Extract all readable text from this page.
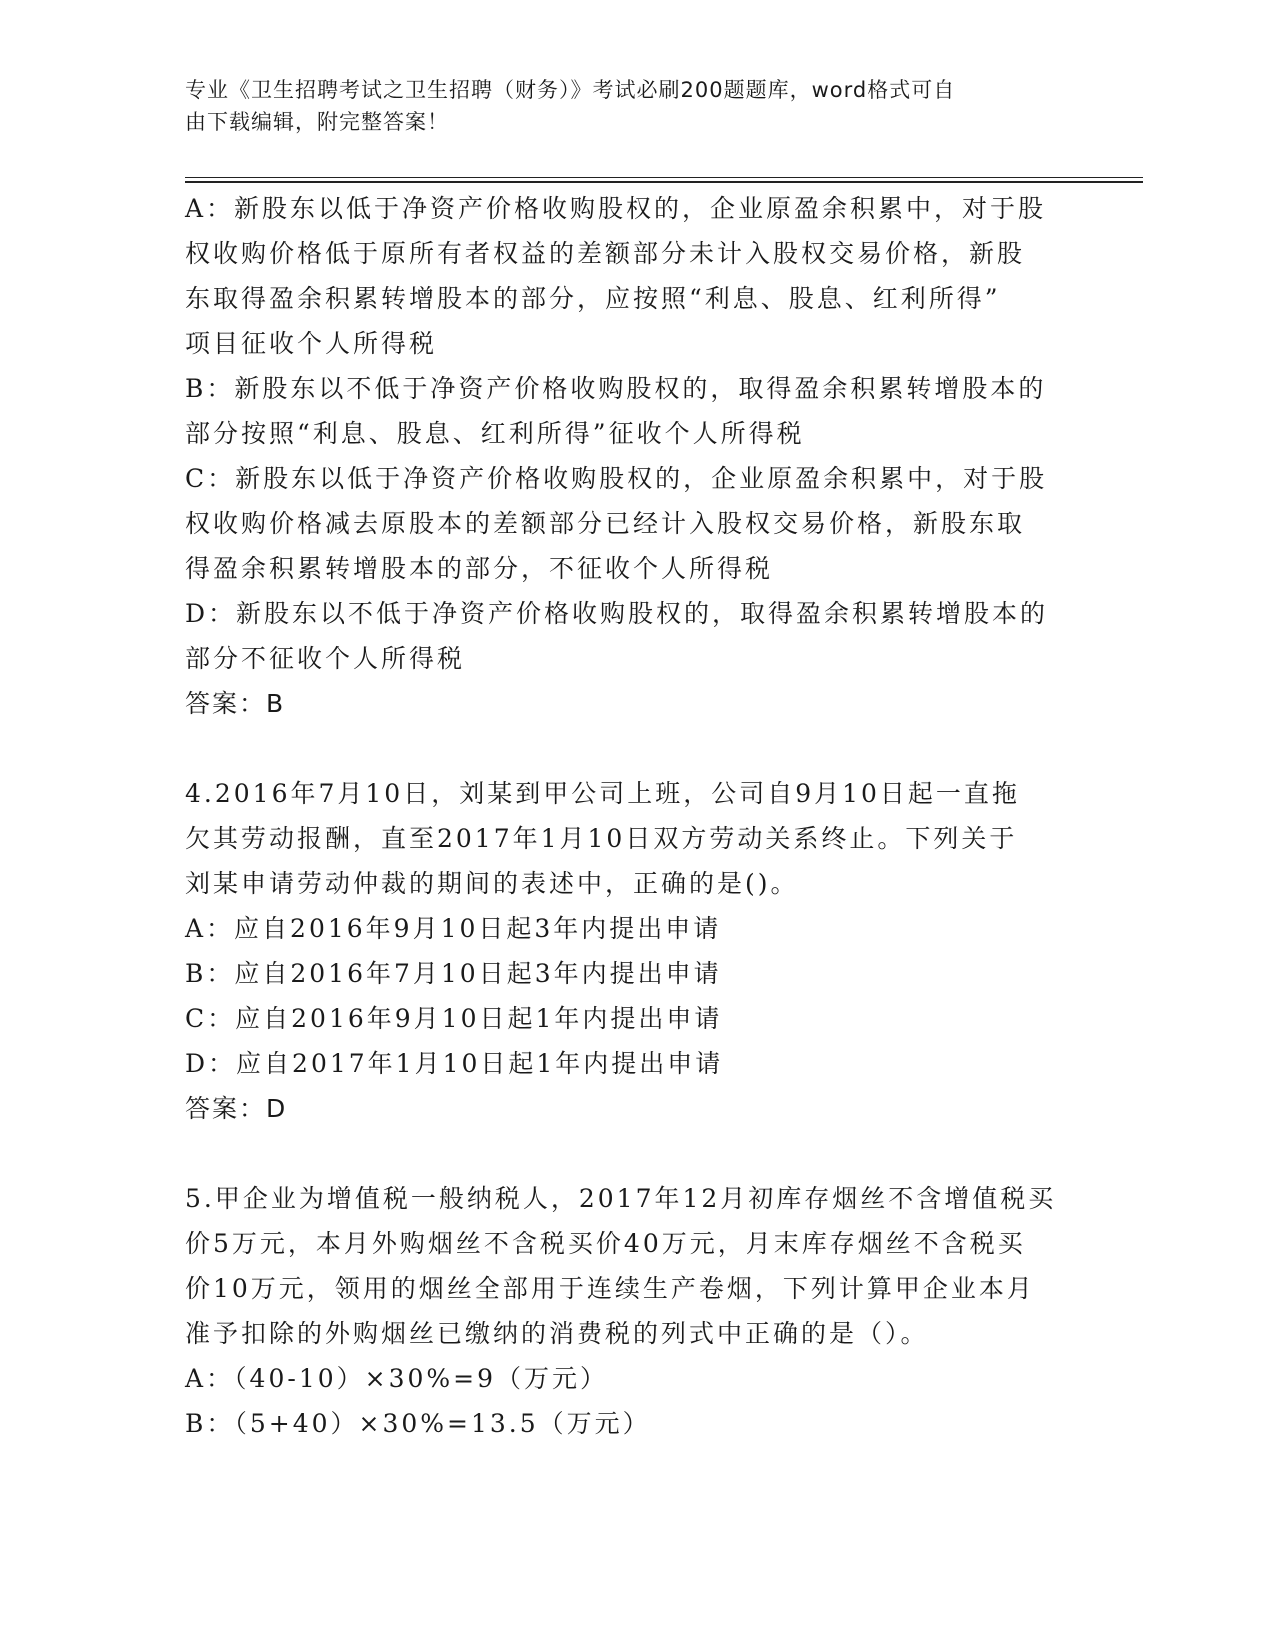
专业《卫生招聘考试之卫生招聘（财务）》考试必刷200题题库，word格式可自
由下载编辑，附完整答案！
A：新股东以低于净资产价格收购股权的，企业原盈余积累中，对于股
权收购价格低于原所有者权益的差额部分未计入股权交易价格，新股
东取得盈余积累转增股本的部分，应按照“利息、股息、红利所得”
项目征收个人所得税
B：新股东以不低于净资产价格收购股权的，取得盈余积累转增股本的
部分按照“利息、股息、红利所得”征收个人所得税
C：新股东以低于净资产价格收购股权的，企业原盈余积累中，对于股
权收购价格减去原股本的差额部分已经计入股权交易价格，新股东取
得盈余积累转增股本的部分，不征收个人所得税
D：新股东以不低于净资产价格收购股权的，取得盈余积累转增股本的
部分不征收个人所得税
答案：B
4.2016年7月10日，刘某到甲公司上班，公司自9月10日起一直拖
欠其劳动报酬，直至2017年1月10日双方劳动关系终止。下列关于
刘某申请劳动仲裁的期间的表述中，正确的是()。
A：应自2016年9月10日起3年内提出申请
B：应自2016年7月10日起3年内提出申请
C：应自2016年9月10日起1年内提出申请
D：应自2017年1月10日起1年内提出申请
答案：D
5.甲企业为增值税一般纳税人，2017年12月初库存烟丝不含增值税买
价5万元，本月外购烟丝不含税买价40万元，月末库存烟丝不含税买
价10万元，领用的烟丝全部用于连续生产卷烟，下列计算甲企业本月
准予扣除的外购烟丝已缴纳的消费税的列式中正确的是（）。
A：（40-10）×30%=9（万元）
B：（5+40）×30%=13.5（万元）
